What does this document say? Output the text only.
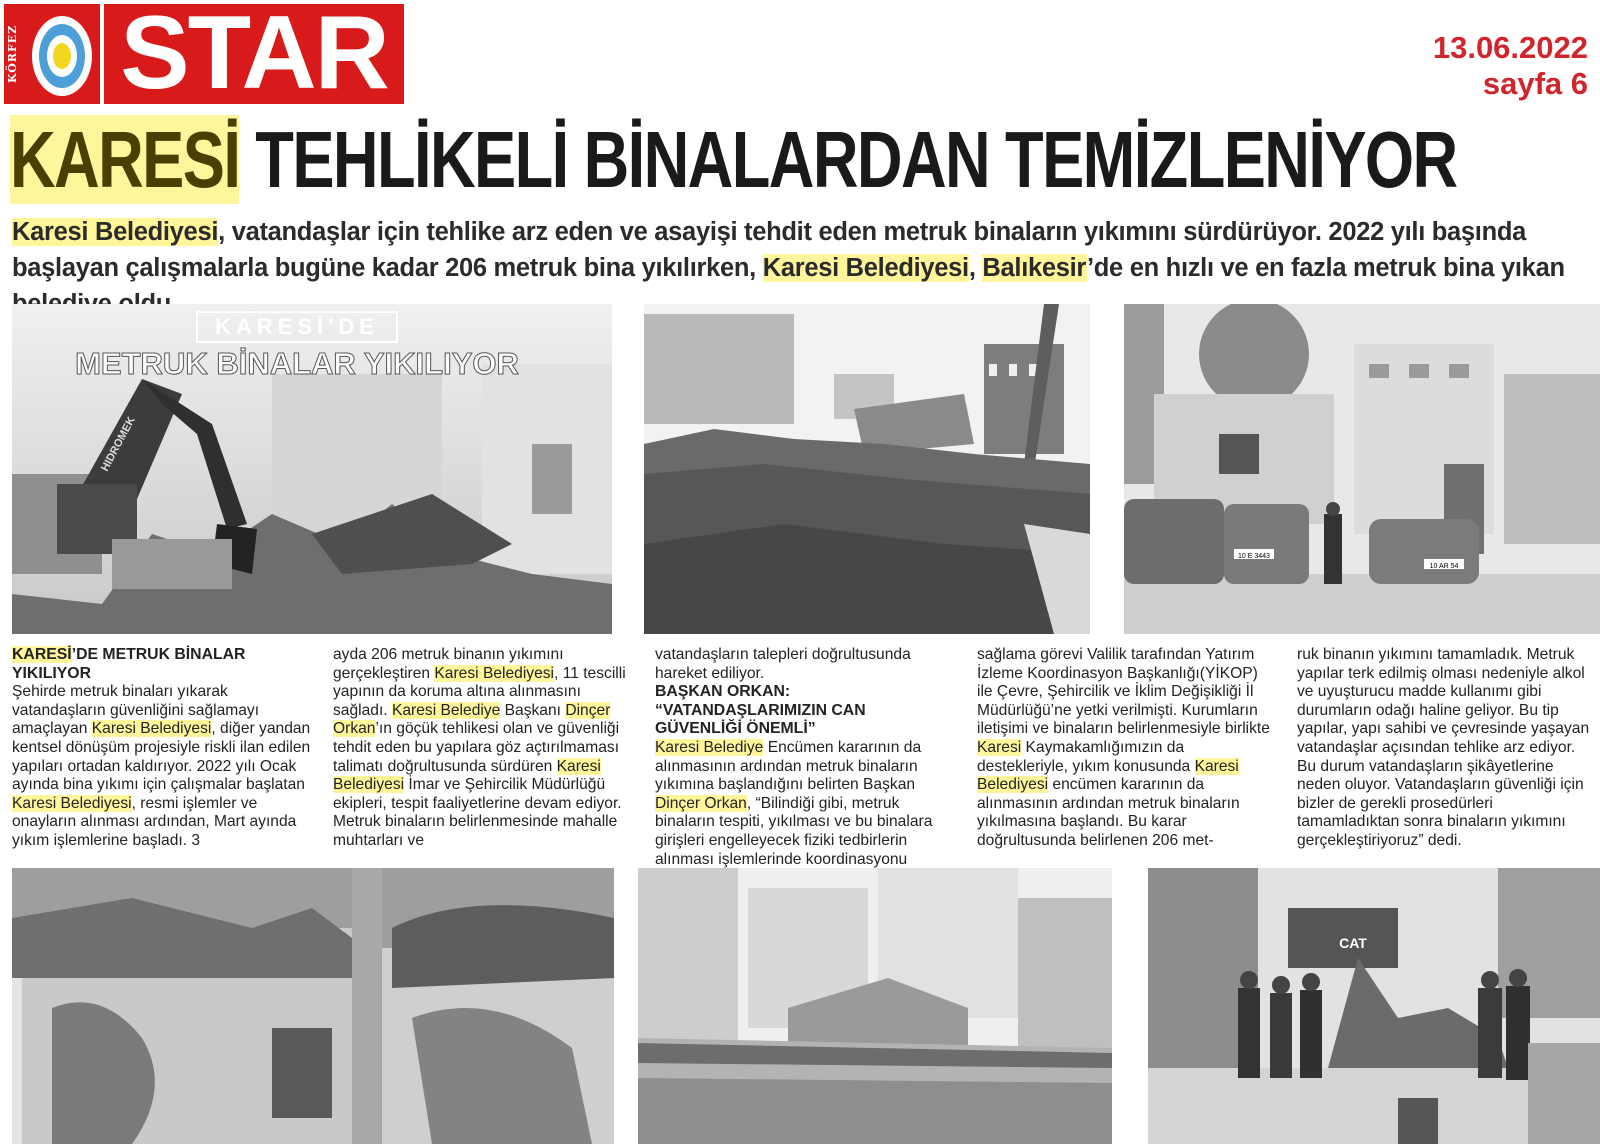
KÖRFEZ STAR	13.06.2022
sayfa 6
KARESİ TEHLİKELİ BİNALARDAN TEMİZLENİYOR

Karesi Belediyesi, vatandaşlar için tehlike arz eden ve asayişi tehdit eden metruk binaların yıkımını sürdürüyor. 2022 yılı başında başlayan çalışmalarla bugüne kadar 206 metruk bina yıkılırken, Karesi Belediyesi, Balıkesir’de en hızlı ve en fazla metruk bina yıkan

HIDROMEK
KARESİ'DE
METRUK BİNALAR YIKILIYOR
10 E 3443
10 AR 54

KARESİ’DE METRUK BİNALAR YIKILIYOR

Şehirde metruk binaları yıkarak vatandaşların güvenliğini sağlamayı amaçlayan Karesi Belediyesi, diğer yandan kentsel dönüşüm projesiyle riskli ilan edilen yapıları ortadan kaldırıyor. 2022 yılı Ocak ayında bina yıkımı için çalışmalar başlatan Karesi Belediyesi, resmi işlemler ve onayların alınması ardından, Mart ayında yıkım işlemlerine başladı. 3

ayda 206 metruk binanın yıkımını gerçekleştiren Karesi Belediyesi, 11 tescilli yapının da koruma altına alınmasını sağladı. Karesi Belediye Başkanı Dinçer Orkan’ın göçük tehlikesi olan ve güvenliği tehdit eden bu yapılara göz açtırılmaması talimatı doğrultusunda sürdüren Karesi Belediyesi İmar ve Şehircilik Müdürlüğü ekipleri, tespit faaliyetlerine devam ediyor. Metruk binaların belirlenmesinde mahalle muhtarları ve

vatandaşların talepleri doğrultusunda hareket ediliyor.

BAŞKAN ORKAN: “VATANDAŞLARIMIZIN CAN GÜVENLİĞİ ÖNEMLİ”

Karesi Belediye Encümen kararının da alınmasının ardından metruk binaların yıkımına başlandığını belirten Başkan Dinçer Orkan, “Bilindiği gibi, metruk binaların tespiti, yıkılması ve bu binalara girişleri engelleyecek fiziki tedbirlerin alınması işlemlerinde koordinasyonu

sağlama görevi Valilik tarafından Yatırım İzleme Koordinasyon Başkanlığı(YİKOP) ile Çevre, Şehircilik ve İklim Değişikliği İl Müdürlüğü’ne yetki verilmişti. Kurumların iletişimi ve binaların belirlenmesiyle birlikte Karesi Kaymakamlığımızın da destekleriyle, yıkım konusunda Karesi Belediyesi encümen kararının da alınmasının ardından metruk binaların yıkılmasına başlandı. Bu karar doğrultusunda belirlenen 206 met-

ruk binanın yıkımını tamamladık. Metruk yapılar terk edilmiş olması nedeniyle alkol ve uyuşturucu madde kullanımı gibi durumların odağı haline geliyor. Bu tip yapılar, yapı sahibi ve çevresinde yaşayan vatandaşlar açısından tehlike arz ediyor. Bu durum vatandaşların şikâyetlerine neden oluyor. Vatandaşların güvenliği için bizler de gerekli prosedürleri tamamladıktan sonra binaların yıkımını gerçekleştiriyoruz” dedi.

CAT
